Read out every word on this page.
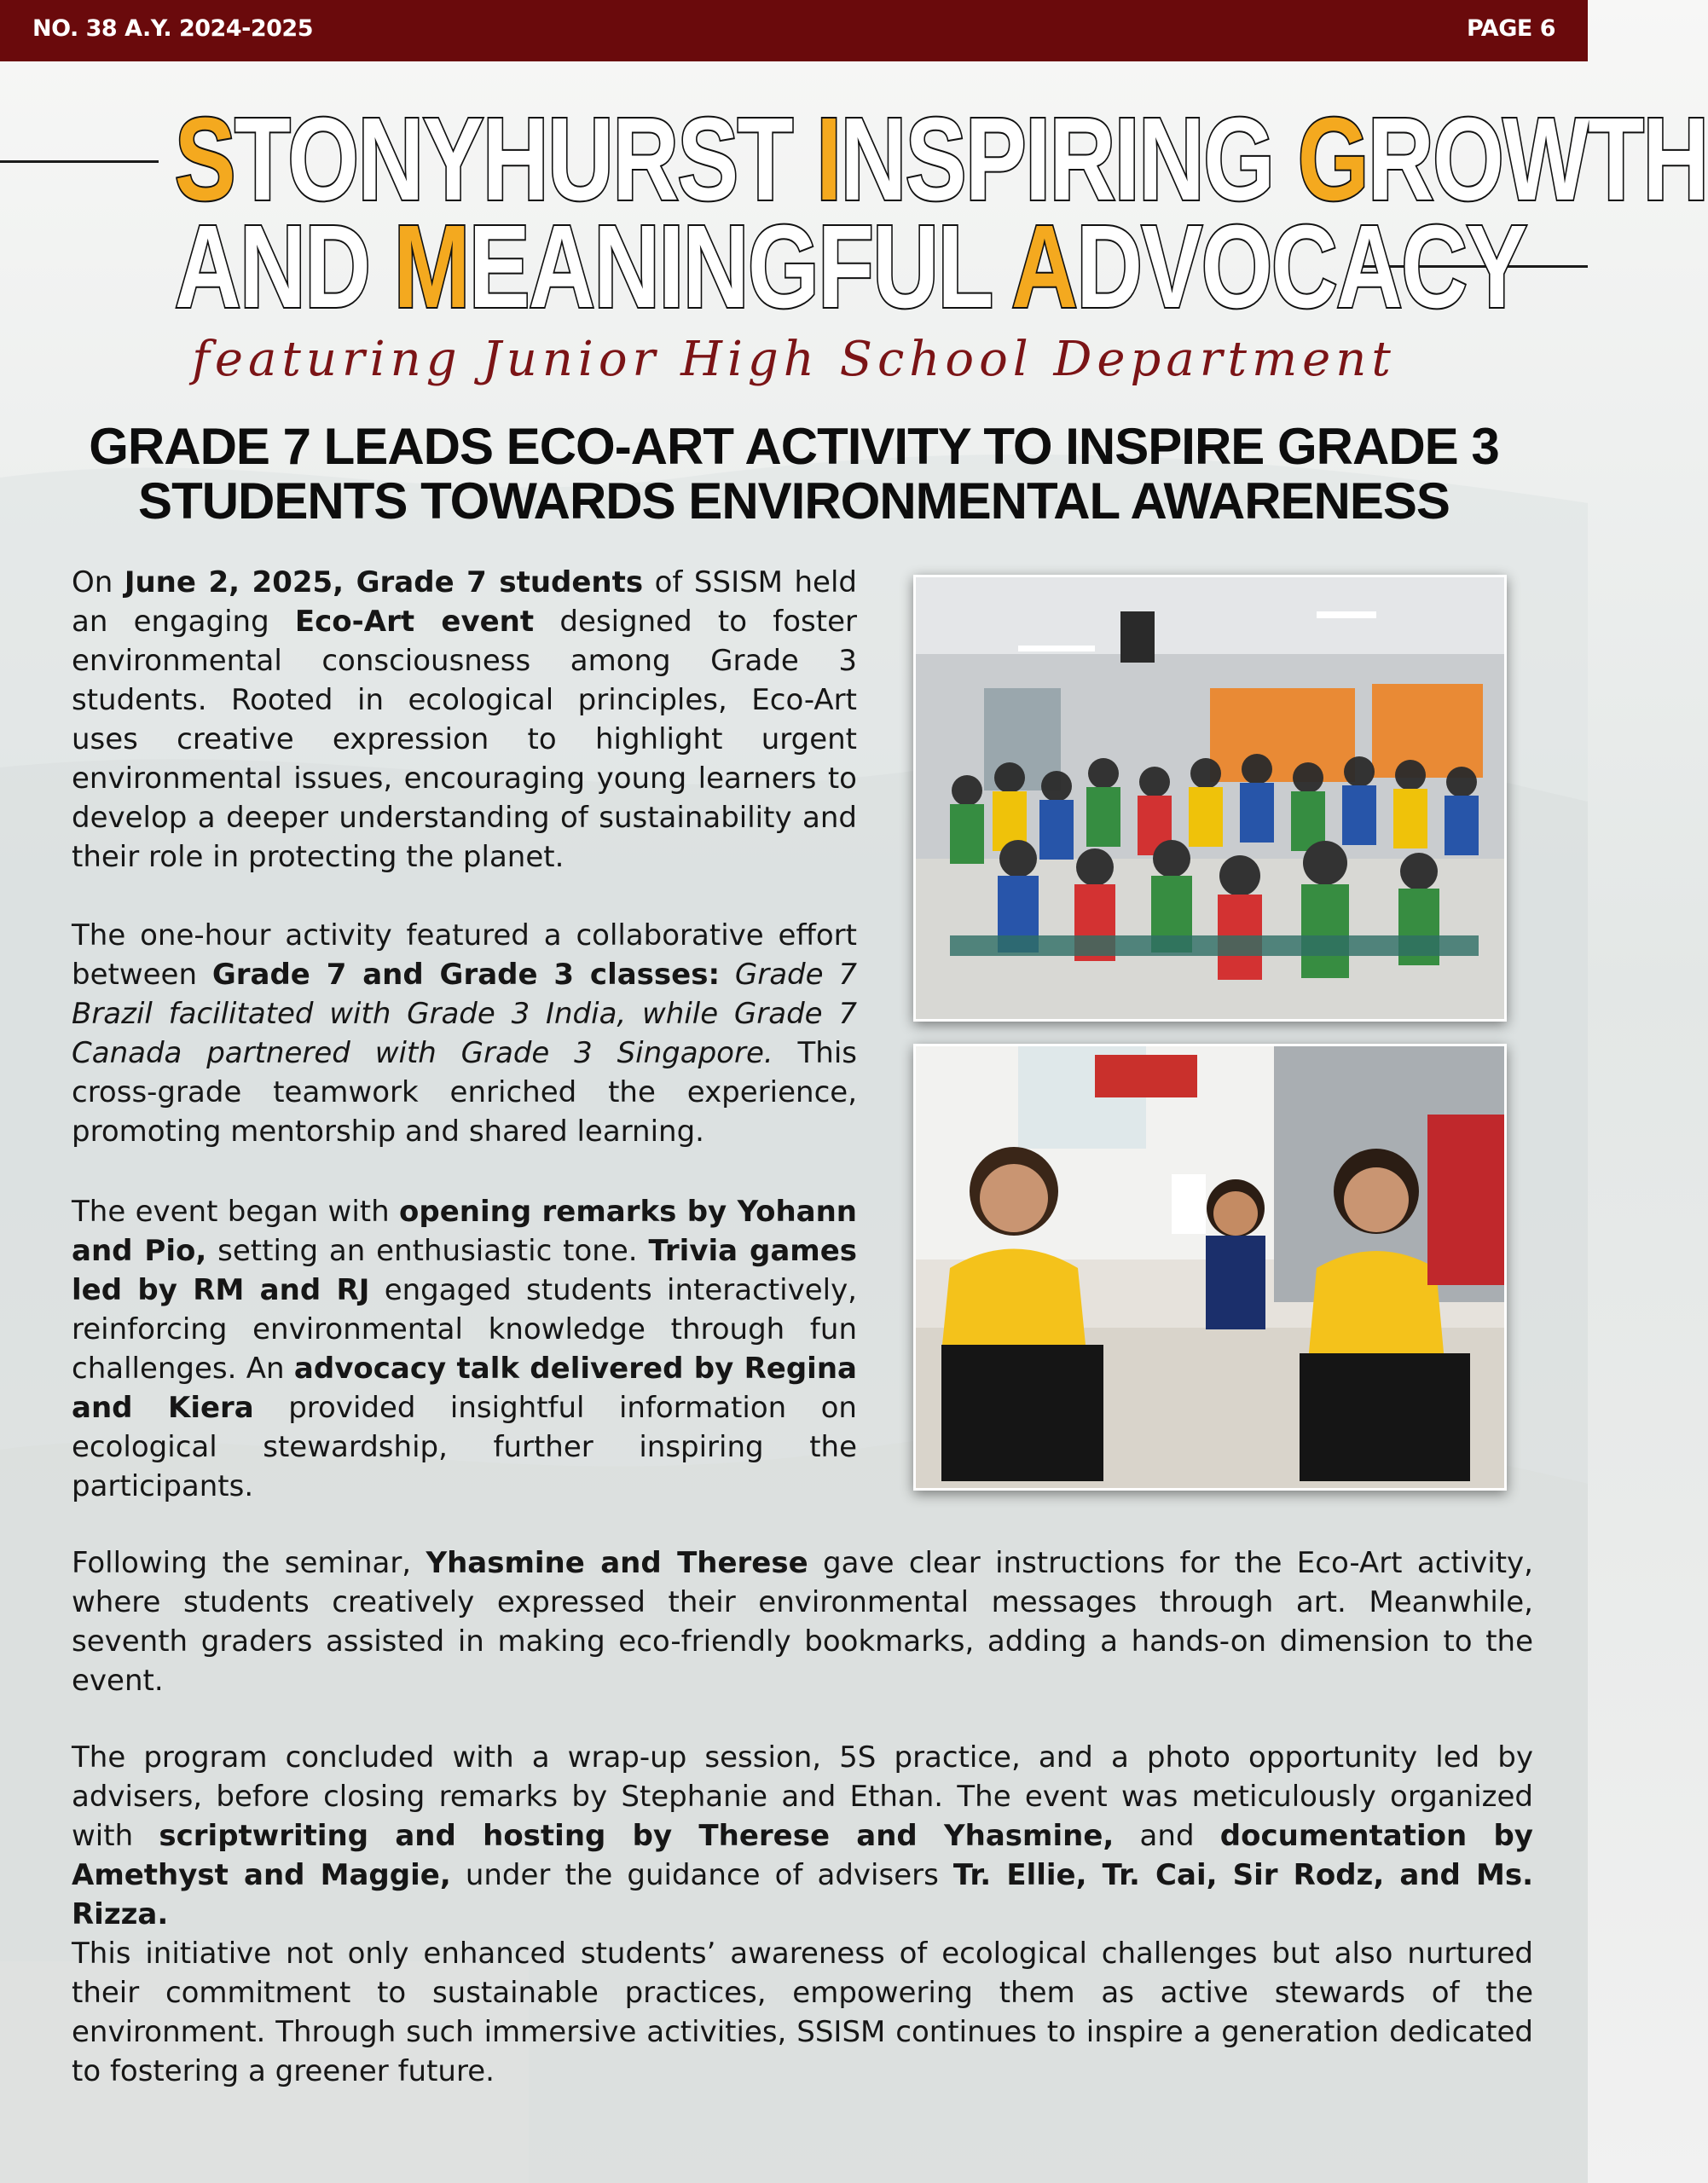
NO. 38 A.Y. 2024-2025	PAGE 6
STONYHURST INSPIRING GROWTH
AND MEANINGFUL ADVOCACY
featuring Junior High School Department
GRADE 7 LEADS ECO-ART ACTIVITY TO INSPIRE GRADE 3
STUDENTS TOWARDS ENVIRONMENTAL AWARENESS

On June 2, 2025, Grade 7 students of SSISM held an engaging Eco-Art event designed to foster environmental consciousness among Grade 3 students. Rooted in ecological principles, Eco-Art uses creative expression to highlight urgent environmental issues, encouraging young learners to develop a deeper understanding of sustainability and their role in protecting the planet.

The one-hour activity featured a collaborative effort between Grade 7 and Grade 3 classes: Grade 7 Brazil facilitated with Grade 3 India, while Grade 7 Canada partnered with Grade 3 Singapore. This cross-grade teamwork enriched the experience, promoting mentorship and shared learning.

The event began with opening remarks by Yohann and Pio, setting an enthusiastic tone. Trivia games led by RM and RJ engaged students interactively, reinforcing environmental knowledge through fun challenges. An advocacy talk delivered by Regina and Kiera provided insightful information on ecological stewardship, further inspiring the participants.

Following the seminar, Yhasmine and Therese gave clear instructions for the Eco-Art activity, where students creatively expressed their environmental messages through art. Meanwhile, seventh graders assisted in making eco-friendly bookmarks, adding a hands-on dimension to the event.

The program concluded with a wrap-up session, 5S practice, and a photo opportunity led by advisers, before closing remarks by Stephanie and Ethan. The event was meticulously organized with scriptwriting and hosting by Therese and Yhasmine, and documentation by Amethyst and Maggie, under the guidance of advisers Tr. Ellie, Tr. Cai, Sir Rodz, and Ms. Rizza.

This initiative not only enhanced students’ awareness of ecological challenges but also nurtured their commitment to sustainable practices, empowering them as active stewards of the environment. Through such immersive activities, SSISM continues to inspire a generation dedicated to fostering a greener future.
